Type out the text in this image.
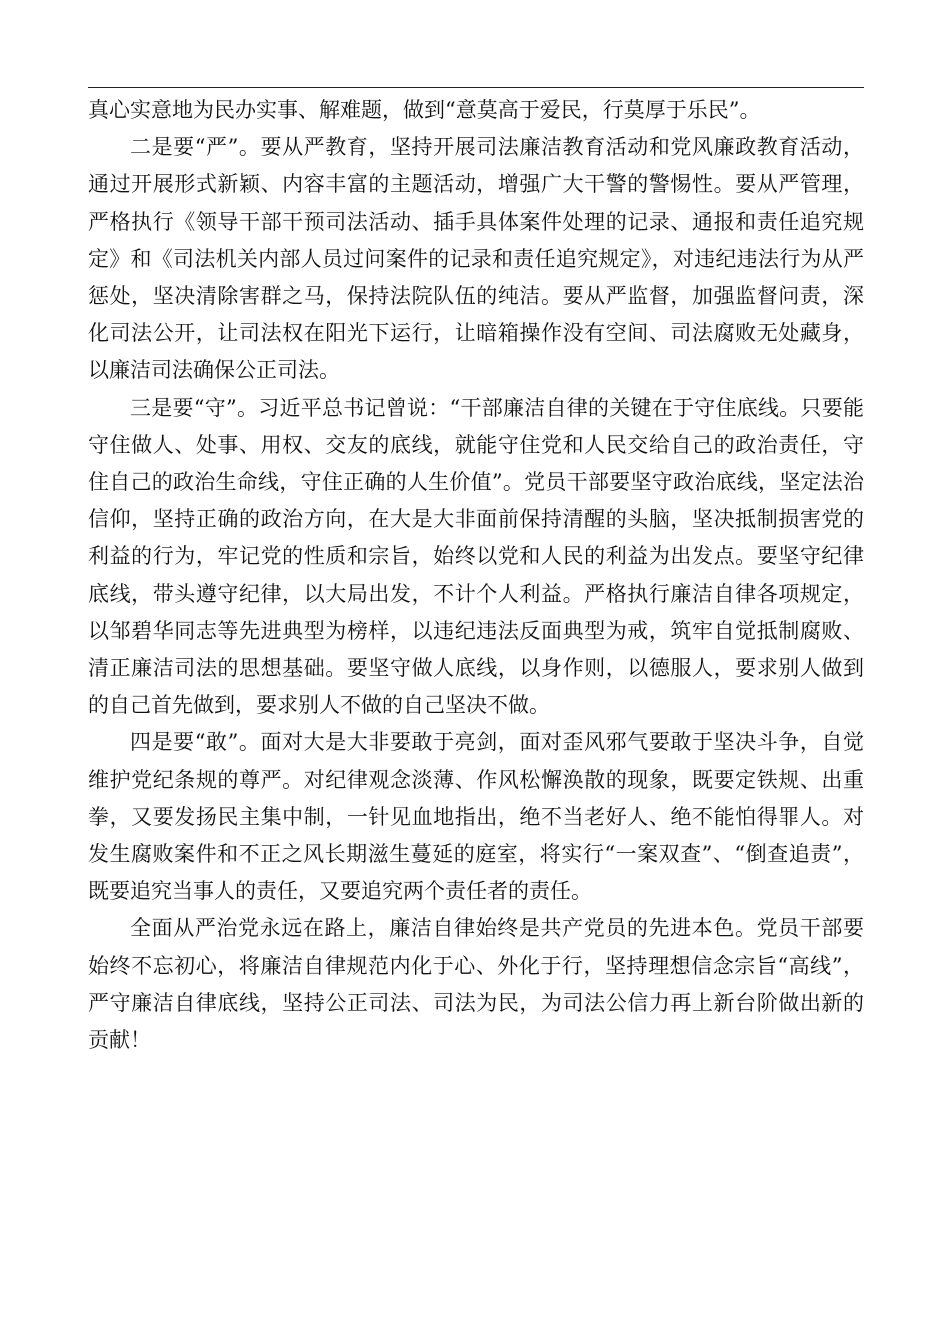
真心实意地为民办实事、解难题，做到“意莫高于爱民，行莫厚于乐民”。

二是要“严”。要从严教育，坚持开展司法廉洁教育活动和党风廉政教育活动，通过开展形式新颖、内容丰富的主题活动，增强广大干警的警惕性。要从严管理，严格执行《领导干部干预司法活动、插手具体案件处理的记录、通报和责任追究规定》和《司法机关内部人员过问案件的记录和责任追究规定》，对违纪违法行为从严惩处，坚决清除害群之马，保持法院队伍的纯洁。要从严监督，加强监督问责，深化司法公开，让司法权在阳光下运行，让暗箱操作没有空间、司法腐败无处藏身，以廉洁司法确保公正司法。

三是要“守”。习近平总书记曾说：“干部廉洁自律的关键在于守住底线。只要能守住做人、处事、用权、交友的底线，就能守住党和人民交给自己的政治责任，守住自己的政治生命线，守住正确的人生价值”。党员干部要坚守政治底线，坚定法治信仰，坚持正确的政治方向，在大是大非面前保持清醒的头脑，坚决抵制损害党的利益的行为，牢记党的性质和宗旨，始终以党和人民的利益为出发点。要坚守纪律底线，带头遵守纪律，以大局出发，不计个人利益。严格执行廉洁自律各项规定，以邹碧华同志等先进典型为榜样，以违纪违法反面典型为戒，筑牢自觉抵制腐败、清正廉洁司法的思想基础。要坚守做人底线，以身作则，以德服人，要求别人做到的自己首先做到，要求别人不做的自己坚决不做。

四是要“敢”。面对大是大非要敢于亮剑，面对歪风邪气要敢于坚决斗争，自觉维护党纪条规的尊严。对纪律观念淡薄、作风松懈涣散的现象，既要定铁规、出重拳，又要发扬民主集中制，一针见血地指出，绝不当老好人、绝不能怕得罪人。对发生腐败案件和不正之风长期滋生蔓延的庭室，将实行“一案双查”、“倒查追责”，既要追究当事人的责任，又要追究两个责任者的责任。

全面从严治党永远在路上，廉洁自律始终是共产党员的先进本色。党员干部要始终不忘初心，将廉洁自律规范内化于心、外化于行，坚持理想信念宗旨“高线”，严守廉洁自律底线，坚持公正司法、司法为民，为司法公信力再上新台阶做出新的贡献！
